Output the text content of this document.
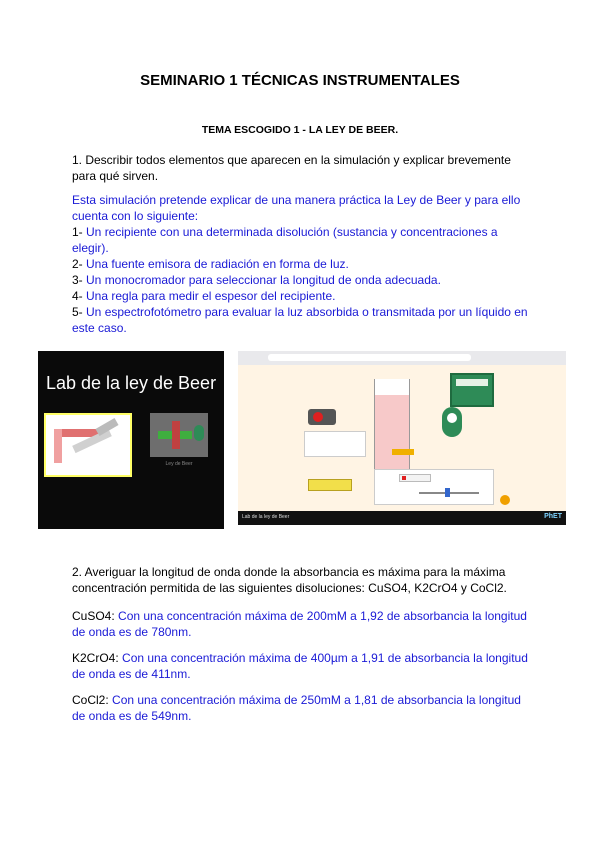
SEMINARIO 1 TÉCNICAS INSTRUMENTALES
TEMA ESCOGIDO 1 - LA LEY DE BEER.
1. Describir todos elementos que aparecen en la simulación y explicar brevemente para qué sirven.
Esta simulación pretende explicar de una manera práctica la Ley de Beer y para ello cuenta con lo siguiente:
1- Un recipiente con una determinada disolución (sustancia y concentraciones a elegir).
2- Una fuente emisora de radiación en forma de luz.
3- Un monocromador para seleccionar la longitud de onda adecuada.
4- Una regla para medir el espesor del recipiente.
5- Un espectrofotómetro para evaluar la luz absorbida o transmitada por un líquido en este caso.
Lab de la ley de Beer
Concentración	Ley de Beer
Lab de la ley de Beer	PhET
2. Averiguar la longitud de onda donde la absorbancia es máxima para la máxima concentración permitida de las siguientes disoluciones: CuSO4, K2CrO4 y CoCl2.
CuSO4: Con una concentración máxima de 200mM a 1,92 de absorbancia la longitud de onda es de 780nm.
K2CrO4: Con una concentración máxima de 400µm a 1,91 de absorbancia la longitud de onda es de 411nm.
CoCl2: Con una concentración máxima de 250mM a 1,81 de absorbancia la longitud de onda es de 549nm.
